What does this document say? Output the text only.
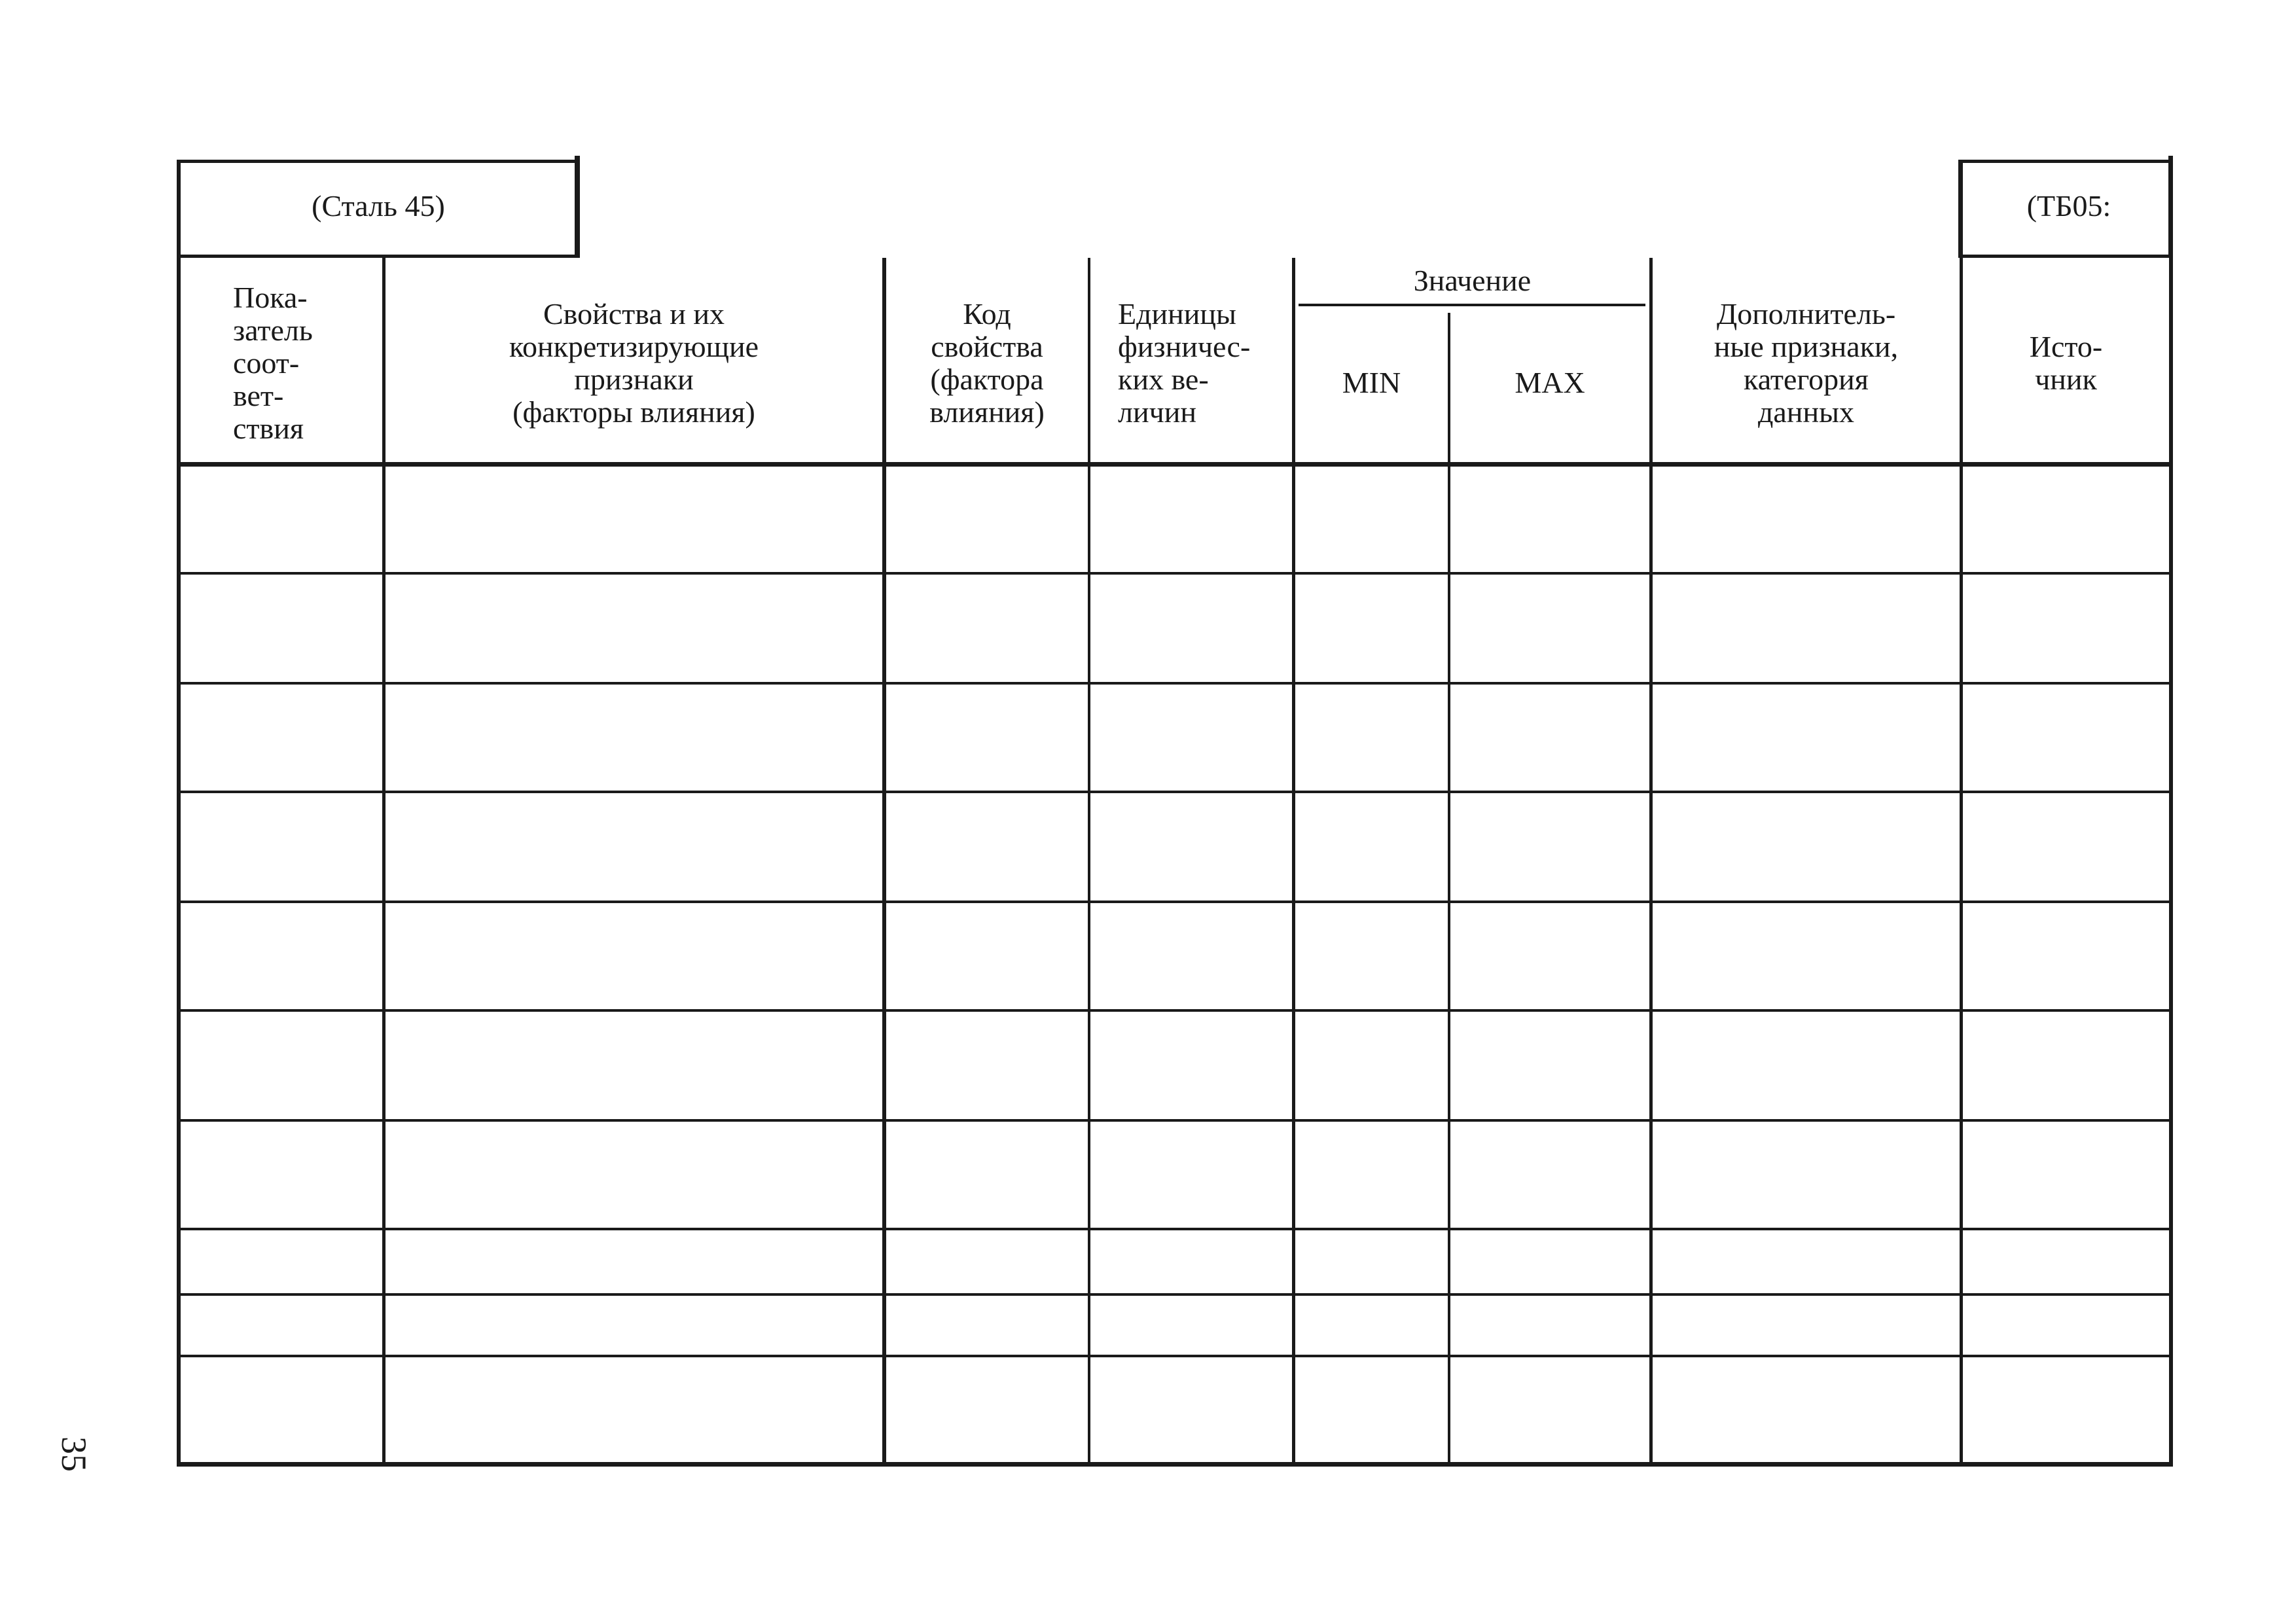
(Сталь 45)	(ТБ05:
Пока-
затель
соот-
вет-
ствия
Свойства и их
конкретизирующие
признаки
(факторы влияния)
Код
свойства
(фактора
влияния)
Единицы
физничес-
ких ве-
личин
Значение
MIN	MAX
Дополнитель-
ные признаки,
категория
данных
Исто-
чник
35
